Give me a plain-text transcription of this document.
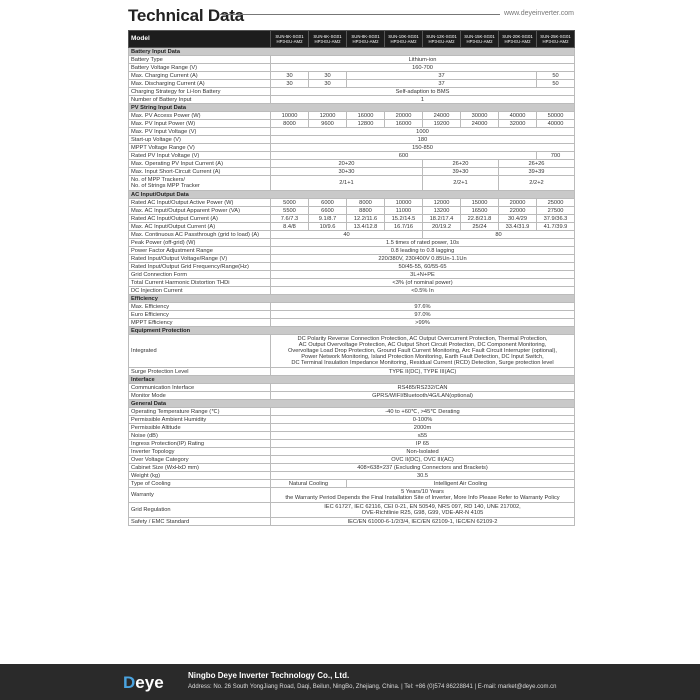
Technical Data	www.deyeinverter.com
Model	SUN-5K-SG01 HP3-EU-AM2	SUN-6K-SG01 HP3-EU-AM2	SUN-8K-SG01 HP3-EU-AM2	SUN-10K-SG01 HP3-EU-AM2	SUN-12K-SG01 HP3-EU-AM2	SUN-15K-SG01 HP3-EU-AM2	SUN-20K-SG01 HP3-EU-AM2	SUN-25K-SG01 HP3-EU-AM2
Battery Input Data								
Battery Type	Lithium-ion							
Battery Voltage Range (V)	160-700							
Max. Charging Current (A)	30	30	37					50
Max. Discharging Current (A)	30	30	37					50
Charging Strategy for Li-Ion Battery	Self-adaption to BMS							
Number of Battery Input	1							
PV String Input Data								
Max. PV Access Power (W)	10000	12000	16000	20000	24000	30000	40000	50000
Max. PV Input Power (W)	8000	9600	12800	16000	19200	24000	32000	40000
Max. PV Input Voltage (V)	1000							
Start-up Voltage (V)	180							
MPPT Voltage Range (V)	150-850							
Rated PV Input Voltage (V)	600							700
Max. Operating PV Input Current (A)	20+20				26+20		26+26	
Max. Input Short-Circuit Current (A)	30+30				39+30		39+39	
No. of MPP Trackers/
No. of Strings MPP Tracker	2/1+1				2/2+1		2/2+2	
AC Input/Output Data								
Rated AC Input/Output Active Power (W)	5000	6000	8000	10000	12000	15000	20000	25000
Max. AC Input/Output Apparent Power (VA)	5500	6600	8800	11000	13200	16500	22000	27500
Rated AC Input/Output Current (A)	7.6/7.3	9.1/8.7	12.2/11.6	15.2/14.5	18.2/17.4	22.8/21.8	30.4/29	37.9/36.3
Max. AC Input/Output Current (A)	8.4/8	10/9.6	13.4/12.8	16.7/16	20/19.2	25/24	33.4/31.9	41.7/39.9
Max. Continuous AC Passthrough (grid to load) (A)	40				80			
Peak Power (off-grid) (W)	1.5 times of rated power, 10s							
Power Factor Adjustment Range	0.8 leading to 0.8 lagging							
Rated Input/Output Voltage/Range (V)	220/380V, 230/400V 0.85Un-1.1Un							
Rated Input/Output Grid Frequency/Range(Hz)	50/45-55, 60/55-65							
Grid Connection Form	3L+N+PE							
Total Current Harmonic Distortion THDi	<3% (of nominal power)							
DC Injection Current	<0.5% In							
Efficiency								
Max. Efficiency	97.6%							
Euro Efficiency	97.0%							
MPPT Efficiency	>99%							
Equipment Protection								
Integrated	DC Polarity Reverse Connection Protection, AC Output Overcurrent Protection, Thermal Protection,
AC Output Overvoltage Protection, AC Output Short Circuit Protection, DC Component Monitoring,
Overvoltage Load Drop Protection, Ground Fault Current Monitoring, Arc Fault Circuit Interrupter (optional),
Power Network Monitoring, Island Protection Monitoring, Earth Fault Detection, DC Input Switch,
DC Terminal Insulation Impedance Monitoring, Residual Current (RCD) Detection, Surge protection level							
Surge Protection Level	TYPE II(DC), TYPE III(AC)							
Interface								
Communication Interface	RS485/RS232/CAN							
Monitor Mode	GPRS/WIFI/Bluetooth/4G/LAN(optional)							
General Data								
Operating Temperature Range (℃)	-40 to +60℃, >45℃ Derating							
Permissible Ambient Humidity	0-100%							
Permissible Altitude	2000m							
Noise (dB)	≤55							
Ingress Protection(IP) Rating	IP 65							
Inverter Topology	Non-Isolated							
Over Voltage Category	OVC II(DC), OVC III(AC)							
Cabinet Size (WxHxD mm)	408×638×237 (Excluding Connectors and Brackets)							
Weight (kg)	30.5							
Type of Cooling	Natural Cooling		Intelligent Air Cooling					
Warranty	5 Years/10 Years
the Warranty Period Depends the Final Installation Site of Inverter, More Info Please Refer to Warranty Policy							
Grid Regulation	IEC 61727, IEC 62116, CEI 0-21, EN 50549, NRS 097, RD 140, UNE 217002,
OVE-Richtlinie R25, G98, G99, VDE-AR-N 4105							
Safety / EMC Standard	IEC/EN 61000-6-1/2/3/4, IEC/EN 62109-1, IEC/EN 62109-2							
Deye	Ningbo Deye Inverter Technology Co., Ltd.
Address: No. 26 South YongJiang Road, Daqi, Beilun, NingBo, Zhejiang, China. | Tel: +86 (0)574 86228841 | E-mail: market@deye.com.cn
